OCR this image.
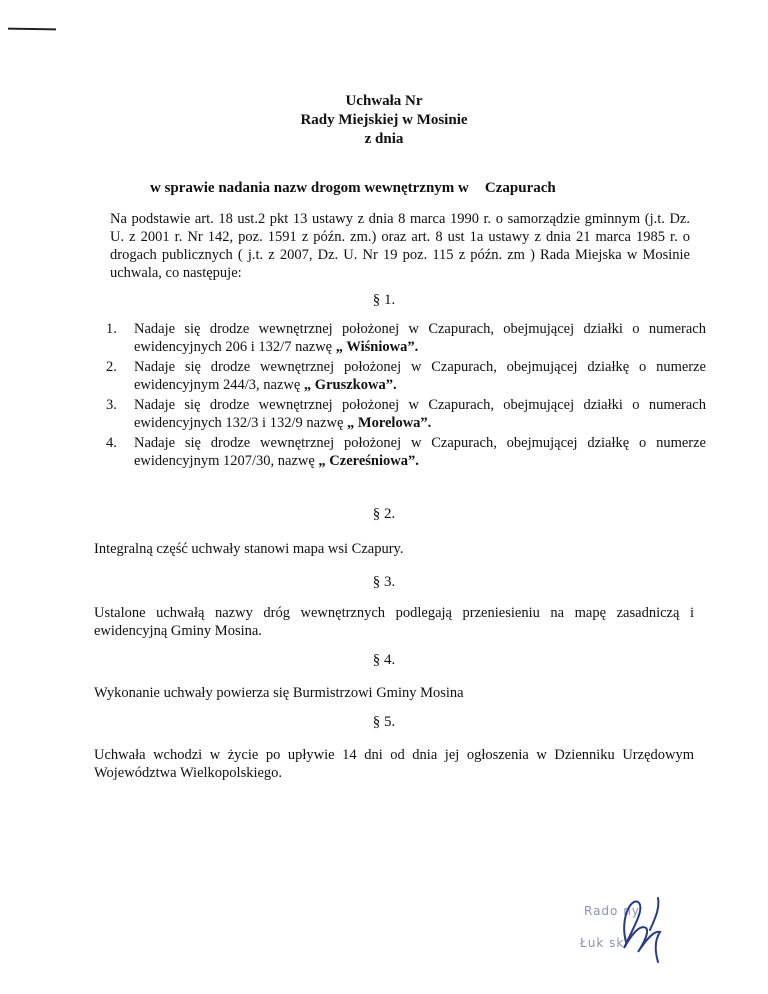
Uchwała Nr
Rady Miejskiej w Mosinie
z dnia
w sprawie nadania nazw drogom wewnętrznym w Czapurach
Na podstawie art. 18 ust.2 pkt 13 ustawy z dnia 8 marca 1990 r. o samorządzie gminnym (j.t. Dz. U. z 2001 r. Nr 142, poz. 1591 z późn. zm.) oraz art. 8 ust 1a ustawy z dnia 21 marca 1985 r. o drogach publicznych ( j.t. z 2007, Dz. U. Nr 19 poz. 115 z późn. zm ) Rada Miejska w Mosinie uchwala, co następuje:
§ 1.
1. Nadaje się drodze wewnętrznej położonej w Czapurach, obejmującej działki o numerach ewidencyjnych 206 i 132/7 nazwę „ Wiśniowa”.
2. Nadaje się drodze wewnętrznej położonej w Czapurach, obejmującej działkę o numerze ewidencyjnym 244/3, nazwę „ Gruszkowa”.
3. Nadaje się drodze wewnętrznej położonej w Czapurach, obejmującej działki o numerach ewidencyjnych 132/3 i 132/9 nazwę „ Morelowa”.
4. Nadaje się drodze wewnętrznej położonej w Czapurach, obejmującej działkę o numerze ewidencyjnym 1207/30, nazwę „ Czereśniowa”.
§ 2.
Integralną część uchwały stanowi mapa wsi Czapury.
§ 3.
Ustalone uchwałą nazwy dróg wewnętrznych podlegają przeniesieniu na mapę zasadniczą i ewidencyjną Gminy Mosina.
§ 4.
Wykonanie uchwały powierza się Burmistrzowi Gminy Mosina
§ 5.
Uchwała wchodzi w życie po upływie 14 dni od dnia jej ogłoszenia w Dzienniku Urzędowym Województwa Wielkopolskiego.
Rado ny
Łuk ski
